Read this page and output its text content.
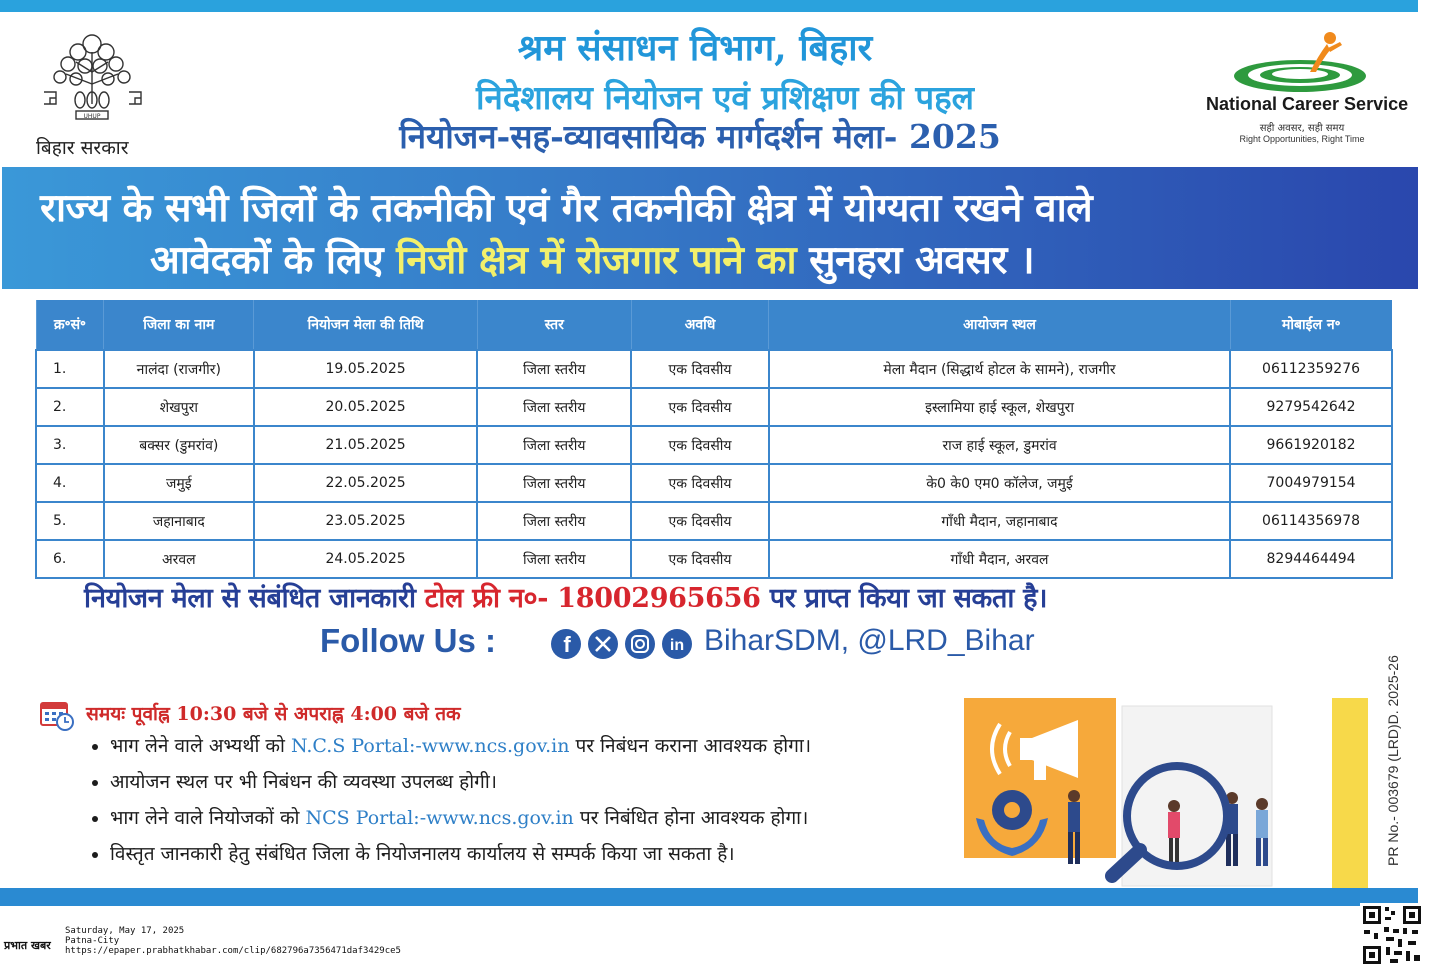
UHUP
बिहार सरकार
श्रम संसाधन विभाग, बिहार
निदेशालय नियोजन एवं प्रशिक्षण की पहल
नियोजन-सह-व्यावसायिक मार्गदर्शन मेला- 2025
National Career Service
सही अवसर, सही समय
Right Opportunities, Right Time
राज्य के सभी जिलों के तकनीकी एवं गैर तकनीकी क्षेत्र में योग्यता रखने वाले
आवेदकों के लिए निजी क्षेत्र में रोजगार पाने का सुनहरा अवसर ।
क्र॰सं॰	जिला का नाम	नियोजन मेला की तिथि	स्तर	अवधि	आयोजन स्थल	मोबाईल न॰
1.	नालंदा (राजगीर)	19.05.2025	जिला स्तरीय	एक दिवसीय	मेला मैदान (सिद्धार्थ होटल के सामने), राजगीर	06112359276
2.	शेखपुरा	20.05.2025	जिला स्तरीय	एक दिवसीय	इस्लामिया हाई स्कूल, शेखपुरा	9279542642
3.	बक्सर (डुमरांव)	21.05.2025	जिला स्तरीय	एक दिवसीय	राज हाई स्कूल, डुमरांव	9661920182
4.	जमुई	22.05.2025	जिला स्तरीय	एक दिवसीय	के0 के0 एम0 कॉलेज, जमुई	7004979154
5.	जहानाबाद	23.05.2025	जिला स्तरीय	एक दिवसीय	गाँधी मैदान, जहानाबाद	06114356978
6.	अरवल	24.05.2025	जिला स्तरीय	एक दिवसीय	गाँधी मैदान, अरवल	8294464494
नियोजन मेला से संबंधित जानकारी टोल फ्री न०- 18002965656 पर प्राप्त किया जा सकता है।
Follow Us :	f	in BiharSDM, @LRD_Bihar
समयः पूर्वाह्न 10:30 बजे से अपराह्न 4:00 बजे तक
• भाग लेने वाले अभ्यर्थी को N.C.S Portal:-www.ncs.gov.in पर निबंधन कराना आवश्यक होगा।
• आयोजन स्थल पर भी निबंधन की व्यवस्था उपलब्ध होगी।
• भाग लेने वाले नियोजकों को NCS Portal:-www.ncs.gov.in पर निबंधित होना आवश्यक होगा।
• विस्तृत जानकारी हेतु संबंधित जिला के नियोजनालय कार्यालय से सम्पर्क किया जा सकता है।	PR No.- 003679 (LRD)D. 2025-26
प्रभात खबर
Saturday, May 17, 2025
Patna-City
https://epaper.prabhatkhabar.com/clip/682796a7356471daf3429ce5
